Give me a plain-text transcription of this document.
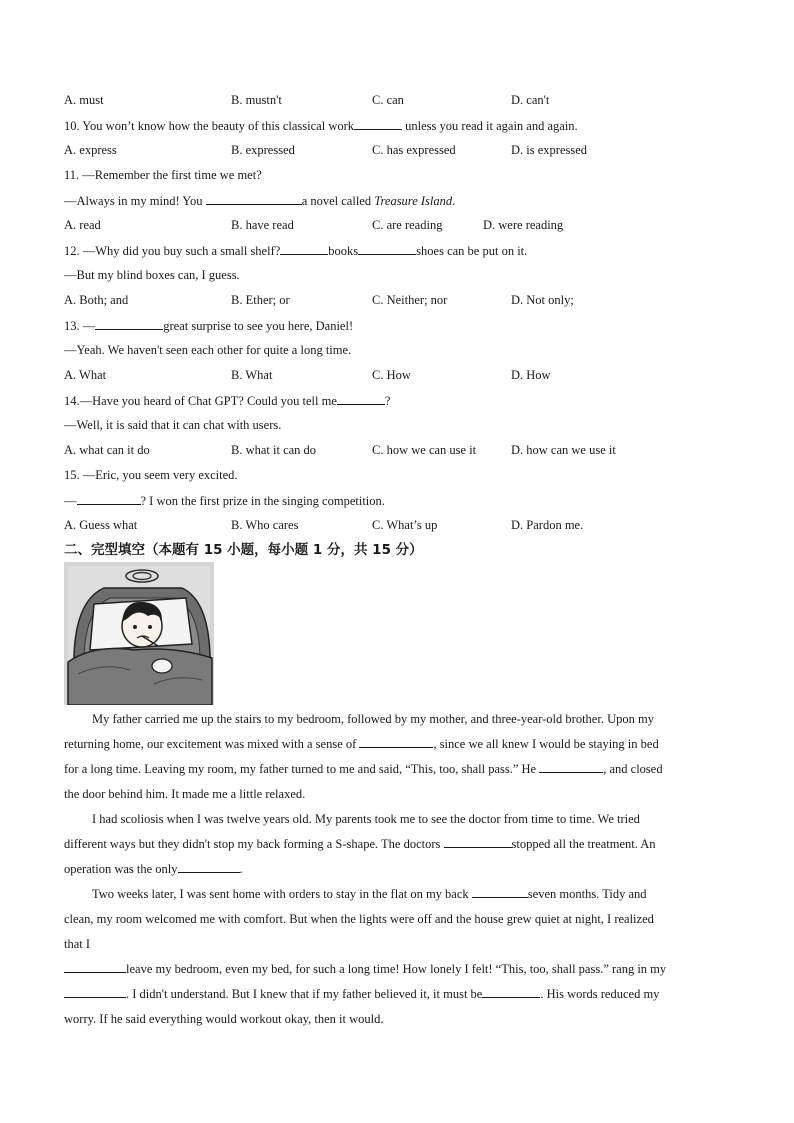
A. must	B. mustn't	C. can	D. can't
10. You won’t know how the beauty of this classical work	unless you read it again and again.
A. express	B. expressed	C. has expressed	D. is expressed
11. —Remember the first time we met?
—Always in my mind! You	a novel called Treasure Island.
A. read	B. have read	C. are reading	D. were reading
12. —Why did you buy such a small shelf?	books	shoes can be put on it.
—But my blind boxes can, I guess.
A. Both; and	B. Ether; or	C. Neither; nor	D. Not only;
13. —	great surprise to see you here, Daniel!
—Yeah. We haven't seen each other for quite a long time.
A. What	B. What	C. How	D. How
14.—Have you heard of Chat GPT? Could you tell me	?
—Well, it is said that it can chat with users.
A. what can it do	B. what it can do	C. how we can use it	D. how can we use it
15. —Eric, you seem very excited.
—	? I won the first prize in the singing competition.
A. Guess what	B. Who cares	C. What’s up	D. Pardon me.
二、完型填空（本题有 15 小题，每小题 1 分，共 15 分）
My father carried me up the stairs to my bedroom, followed by my mother, and three-year-old brother. Upon my
returning home, our excitement was mixed with a sense of	, since we all knew I would be staying in bed
for a long time. Leaving my room, my father turned to me and said, “This, too, shall pass.” He	, and closed
the door behind him. It made me a little relaxed.
I had scoliosis when I was twelve years old. My parents took me to see the doctor from time to time. We tried
different ways but they didn't stop my back forming a S-shape. The doctors	stopped all the treatment. An
operation was the only	.
Two weeks later, I was sent home with orders to stay in the flat on my back	seven months. Tidy and
clean, my room welcomed me with comfort. But when the lights were off and the house grew quiet at night, I realized
that I
leave my bedroom, even my bed, for such a long time! How lonely I felt! “This, too, shall pass.” rang in my
. I didn't understand. But I knew that if my father believed it, it must be	. His words reduced my
worry. If he said everything would workout okay, then it would.
